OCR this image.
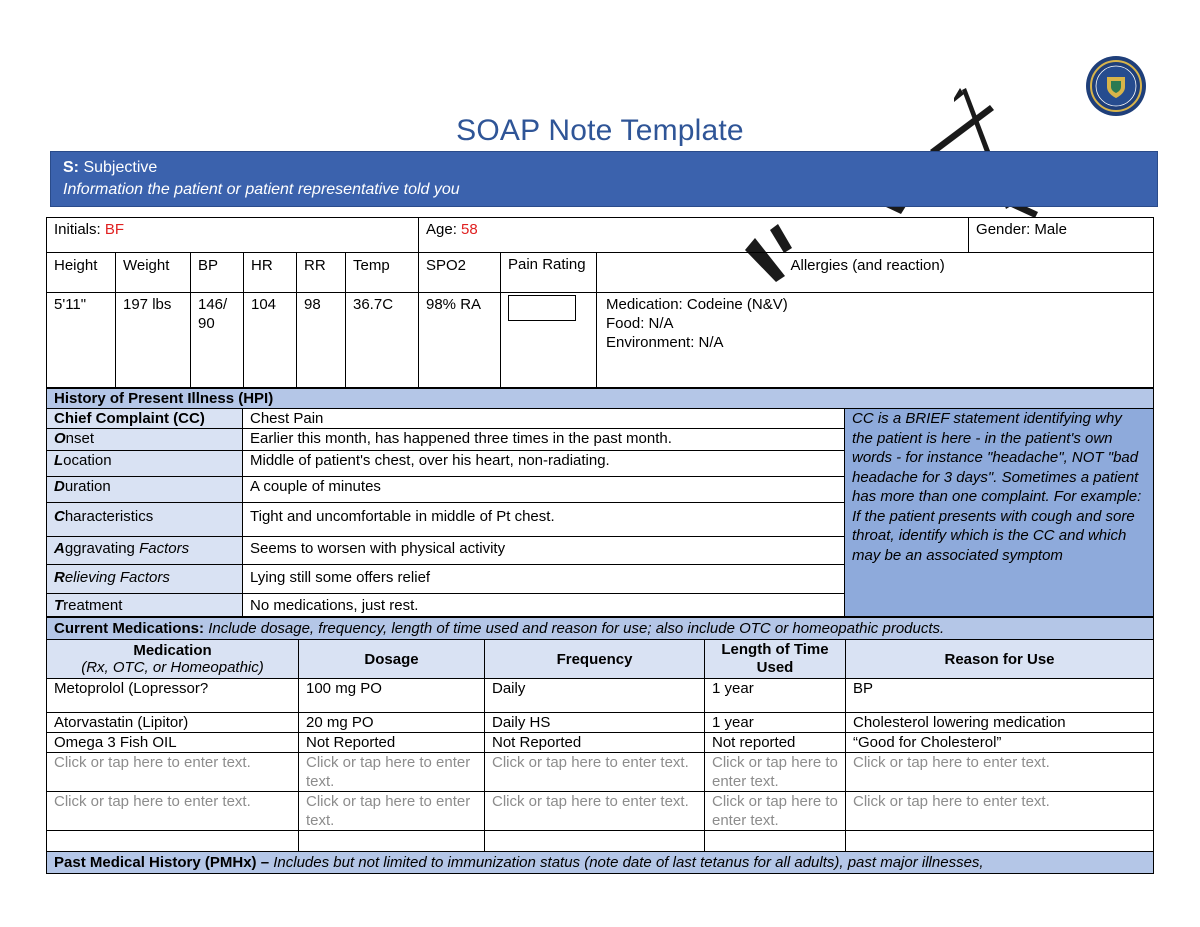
SOAP Note Template
S: Subjective
Information the patient or patient representative told you
Initials: BF						Age: 58				Gender: Male
Height	Weight	BP	HR	RR	Temp	SPO2	Pain Rating		Allergies (and reaction)	
5'11"	197 lbs	146/ 90	104	98	36.7C	98% RA		Medication: Codeine (N&V)
Food: N/A
Environment: N/A		
History of Present Illness (HPI)		
Chief Complaint (CC)	Chest Pain	CC is a BRIEF statement identifying why the patient is here - in the patient's own words - for instance "headache", NOT "bad headache for 3 days". Sometimes a patient has more than one complaint. For example: If the patient presents with cough and sore throat, identify which is the CC and which may be an associated symptom
Onset	Earlier this month, has happened three times in the past month.	
Location	Middle of patient's chest, over his heart, non-radiating.	
Duration	A couple of minutes	
Characteristics	Tight and uncomfortable in middle of Pt chest.	
Aggravating Factors	Seems to worsen with physical activity	
Relieving Factors	Lying still some offers relief	
Treatment	No medications, just rest.	
Current Medications: Include dosage, frequency, length of time used and reason for use; also include OTC or homeopathic products.				

Medication
(Rx, OTC, or Homeopathic)	Dosage	Frequency	Length of Time Used	Reason for Use
Metoprolol (Lopressor?	100 mg PO	Daily	1 year	BP
Atorvastatin (Lipitor)	20 mg PO	Daily HS	1 year	Cholesterol lowering medication
Omega 3 Fish OIL	Not Reported	Not Reported	Not reported	“Good for Cholesterol”
Click or tap here to enter text.	Click or tap here to enter text.	Click or tap here to enter text.	Click or tap here to enter text.	Click or tap here to enter text.
Click or tap here to enter text.	Click or tap here to enter text.	Click or tap here to enter text.	Click or tap here to enter text.	Click or tap here to enter text.

Past Medical History (PMHx) – Includes but not limited to immunization status (note date of last tetanus for all adults), past major illnesses,				
